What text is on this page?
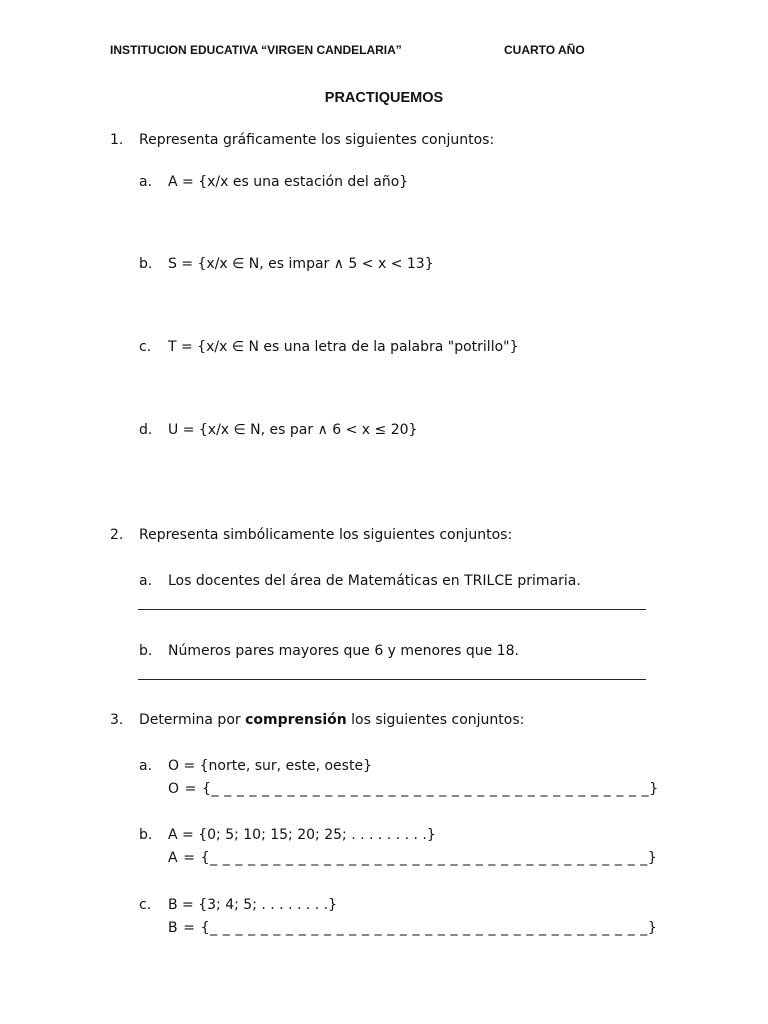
INSTITUCION EDUCATIVA “VIRGEN CANDELARIA”	CUARTO AÑO
PRACTIQUEMOS
1. Representa gráficamente los siguientes conjuntos:
a. A = {x/x es una estación del año}
b. S = {x/x ∈ N, es impar ∧ 5 < x < 13}
c. T = {x/x ∈ N es una letra de la palabra "potrillo"}
d. U = {x/x ∈ N, es par ∧ 6 < x ≤ 20}
2. Representa simbólicamente los siguientes conjuntos:
a. Los docentes del área de Matemáticas en TRILCE primaria.
b. Números pares mayores que 6 y menores que 18.
3. Determina por comprensión los siguientes conjuntos:
a. O = {norte, sur, este, oeste}
O = {_ _ _ _ _ _ _ _ _ _ _ _ _ _ _ _ _ _ _ _ _ _ _ _ _ _ _ _ _ _ _ _ _ _ _}
b. A = {0; 5; 10; 15; 20; 25; . . . . . . . . .}
A = {_ _ _ _ _ _ _ _ _ _ _ _ _ _ _ _ _ _ _ _ _ _ _ _ _ _ _ _ _ _ _ _ _ _ _}
c. B = {3; 4; 5; . . . . . . . .}
B = {_ _ _ _ _ _ _ _ _ _ _ _ _ _ _ _ _ _ _ _ _ _ _ _ _ _ _ _ _ _ _ _ _ _ _}
